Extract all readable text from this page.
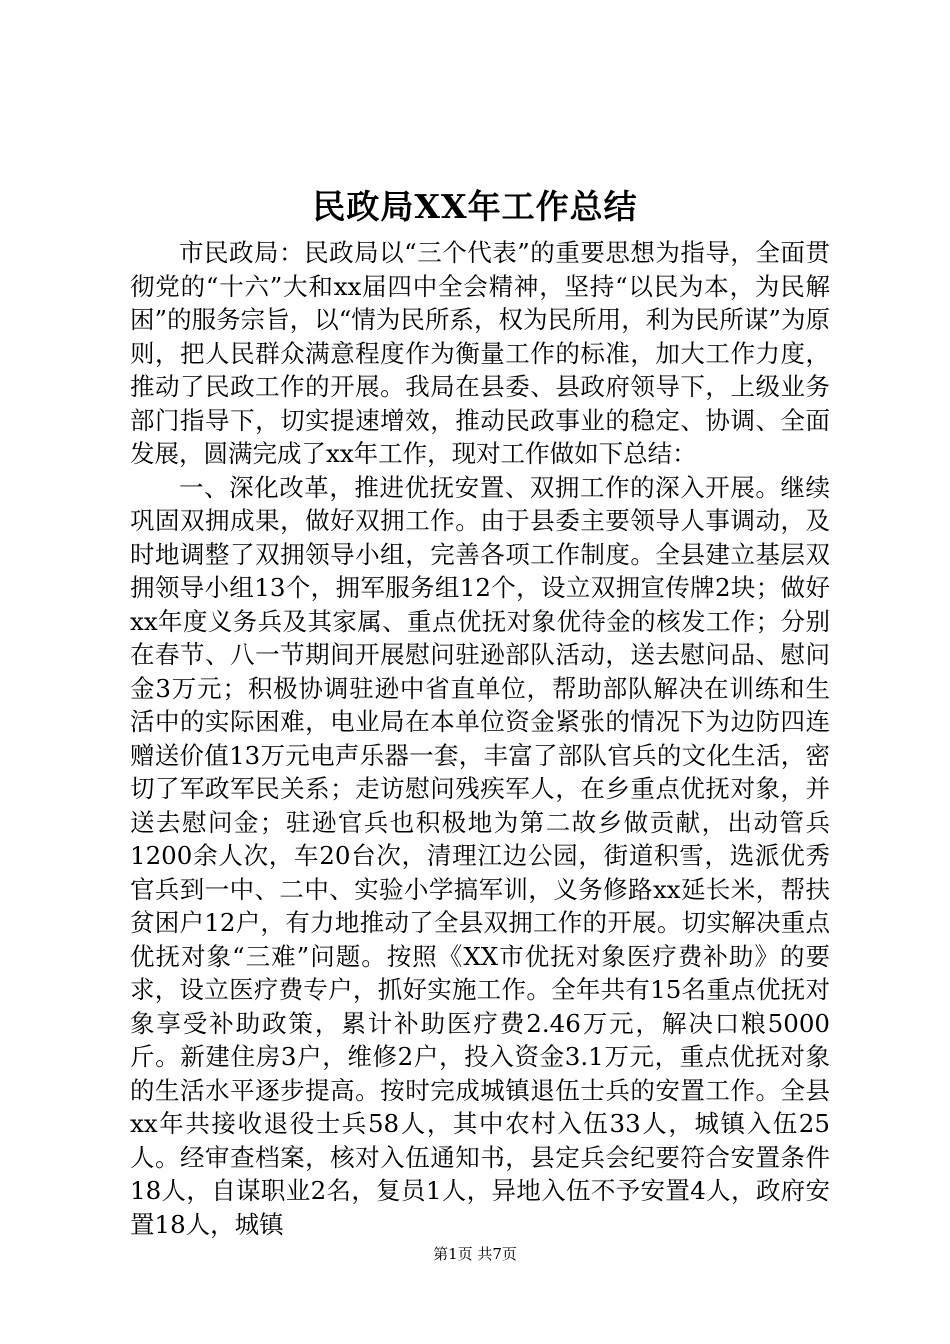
民政局XX年工作总结

市民政局：民政局以“三个代表”的重要思想为指导，全面贯彻党的“十六”大和xx届四中全会精神，坚持“以民为本，为民解困”的服务宗旨，以“情为民所系，权为民所用，利为民所谋”为原则，把人民群众满意程度作为衡量工作的标准，加大工作力度，推动了民政工作的开展。我局在县委、县政府领导下，上级业务部门指导下，切实提速增效，推动民政事业的稳定、协调、全面发展，圆满完成了xx年工作，现对工作做如下总结：

一、深化改革，推进优抚安置、双拥工作的深入开展。继续巩固双拥成果，做好双拥工作。由于县委主要领导人事调动，及时地调整了双拥领导小组，完善各项工作制度。全县建立基层双拥领导小组13个，拥军服务组12个，设立双拥宣传牌2块；做好xx年度义务兵及其家属、重点优抚对象优待金的核发工作；分别在春节、八一节期间开展慰问驻逊部队活动，送去慰问品、慰问金3万元；积极协调驻逊中省直单位，帮助部队解决在训练和生活中的实际困难，电业局在本单位资金紧张的情况下为边防四连赠送价值13万元电声乐器一套，丰富了部队官兵的文化生活，密切了军政军民关系；走访慰问残疾军人，在乡重点优抚对象，并送去慰问金；驻逊官兵也积极地为第二故乡做贡献，出动管兵1200余人次，车20台次，清理江边公园，街道积雪，选派优秀官兵到一中、二中、实验小学搞军训，义务修路xx延长米，帮扶贫困户12户，有力地推动了全县双拥工作的开展。切实解决重点优抚对象“三难”问题。按照《XX市优抚对象医疗费补助》的要求，设立医疗费专户，抓好实施工作。全年共有15名重点优抚对象享受补助政策，累计补助医疗费2.46万元，解决口粮5000斤。新建住房3户，维修2户，投入资金3.1万元，重点优抚对象的生活水平逐步提高。按时完成城镇退伍士兵的安置工作。全县xx年共接收退役士兵58人，其中农村入伍33人，城镇入伍25人。经审查档案，核对入伍通知书，县定兵会纪要符合安置条件18人，自谋职业2名，复员1人，异地入伍不予安置4人，政府安置18人，城镇

第1页 共7页
